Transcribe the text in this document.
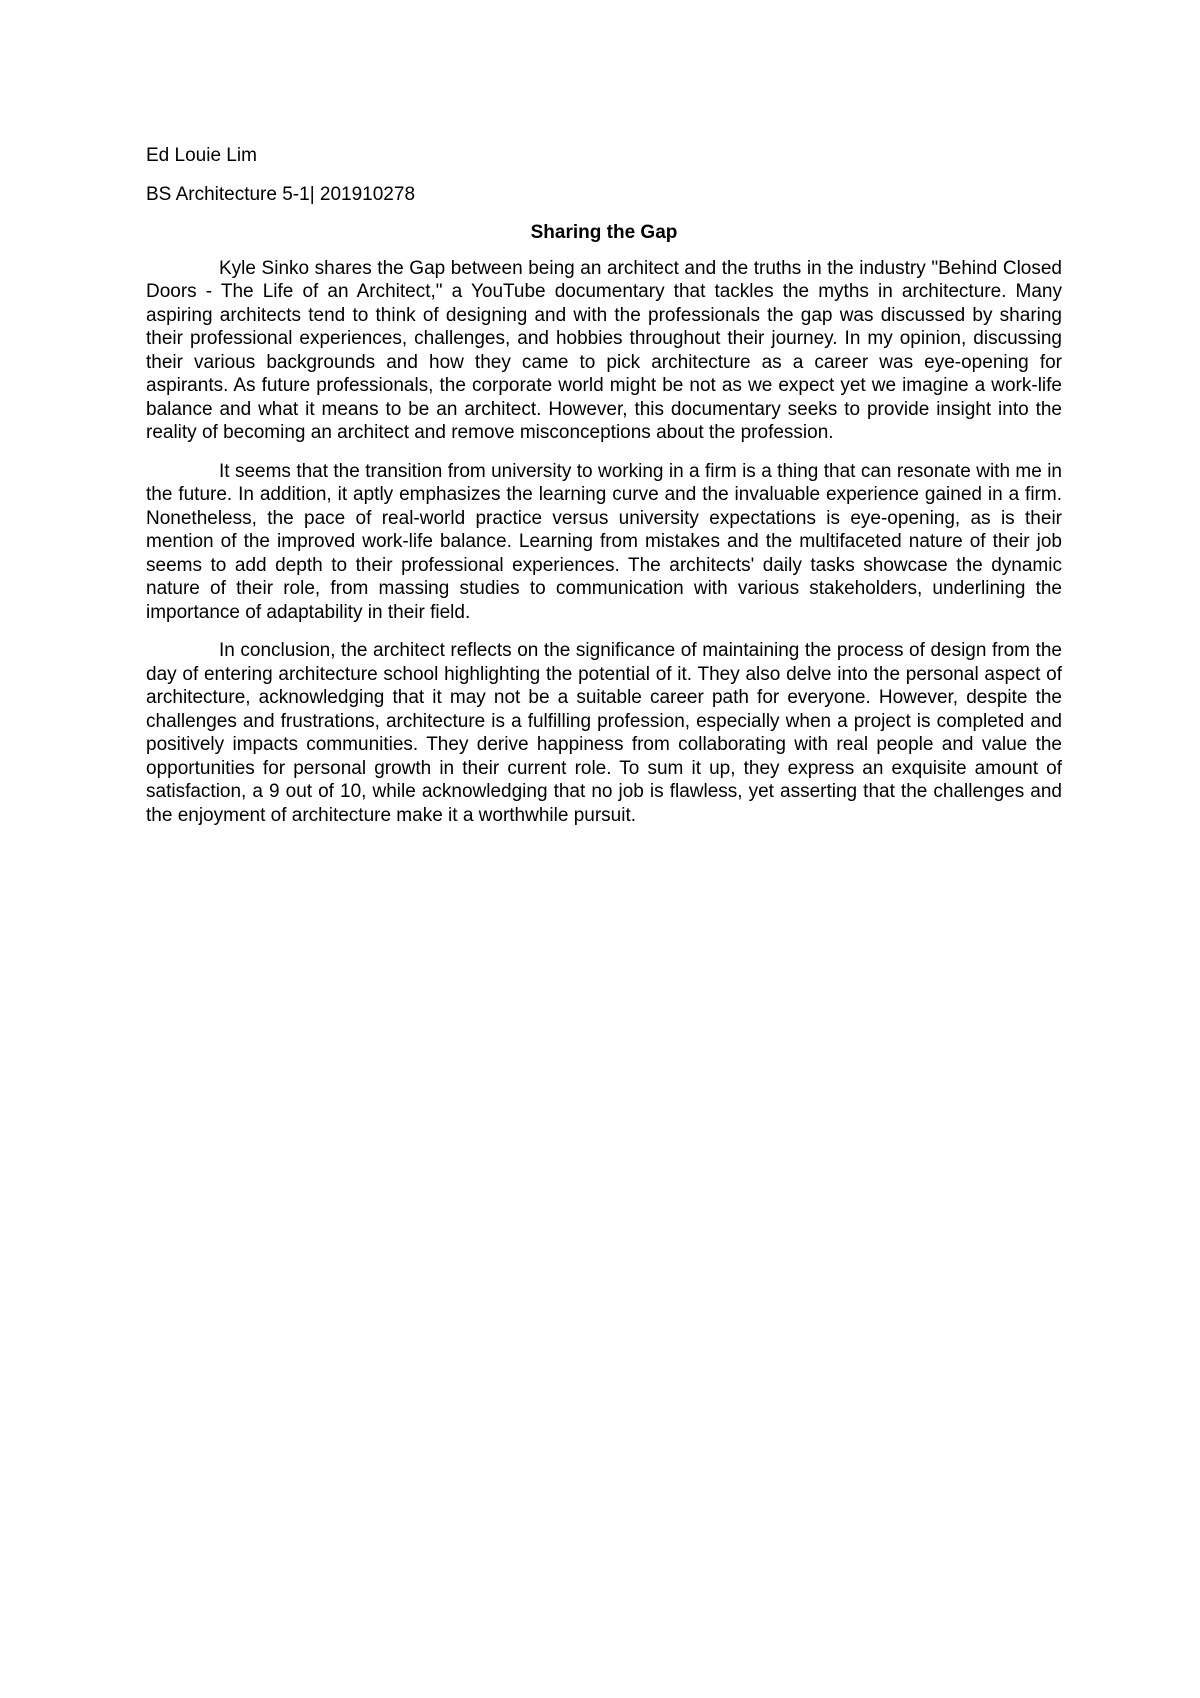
Ed Louie Lim

BS Architecture 5-1| 201910278

Sharing the Gap

Kyle Sinko shares the Gap between being an architect and the truths in the industry "Behind Closed Doors - The Life of an Architect," a YouTube documentary that tackles the myths in architecture. Many aspiring architects tend to think of designing and with the professionals the gap was discussed by sharing their professional experiences, challenges, and hobbies throughout their journey. In my opinion, discussing their various backgrounds and how they came to pick architecture as a career was eye-opening for aspirants. As future professionals, the corporate world might be not as we expect yet we imagine a work-life balance and what it means to be an architect. However, this documentary seeks to provide insight into the reality of becoming an architect and remove misconceptions about the profession.

It seems that the transition from university to working in a firm is a thing that can resonate with me in the future. In addition, it aptly emphasizes the learning curve and the invaluable experience gained in a firm. Nonetheless, the pace of real-world practice versus university expectations is eye-opening, as is their mention of the improved work-life balance. Learning from mistakes and the multifaceted nature of their job seems to add depth to their professional experiences. The architects' daily tasks showcase the dynamic nature of their role, from massing studies to communication with various stakeholders, underlining the importance of adaptability in their field.

In conclusion, the architect reflects on the significance of maintaining the process of design from the day of entering architecture school highlighting the potential of it. They also delve into the personal aspect of architecture, acknowledging that it may not be a suitable career path for everyone. However, despite the challenges and frustrations, architecture is a fulfilling profession, especially when a project is completed and positively impacts communities. They derive happiness from collaborating with real people and value the opportunities for personal growth in their current role. To sum it up, they express an exquisite amount of satisfaction, a 9 out of 10, while acknowledging that no job is flawless, yet asserting that the challenges and the enjoyment of architecture make it a worthwhile pursuit.
